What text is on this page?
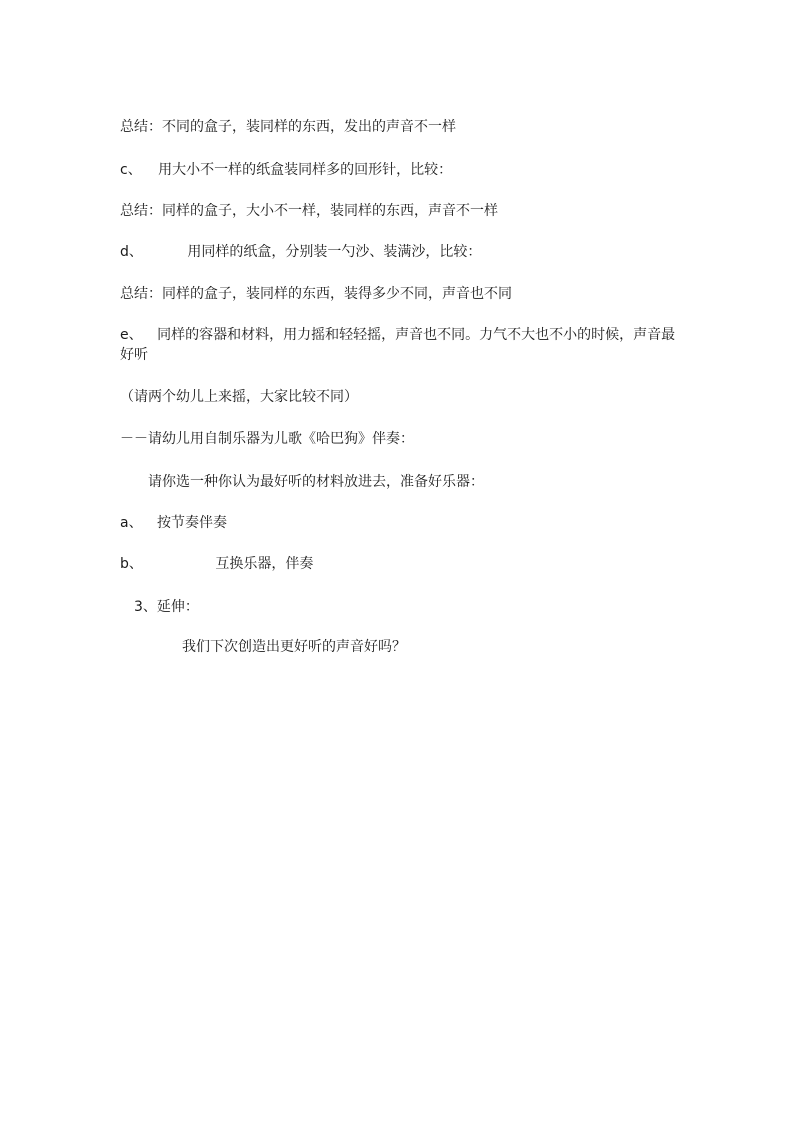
总结：不同的盒子，装同样的东西，发出的声音不一样
c、 用大小不一样的纸盒装同样多的回形针，比较：
总结：同样的盒子，大小不一样，装同样的东西，声音不一样
d、	用同样的纸盒，分别装一勺沙、装满沙，比较：
总结：同样的盒子，装同样的东西，装得多少不同，声音也不同
e、 同样的容器和材料，用力摇和轻轻摇，声音也不同。力气不大也不小的时候，声音最好听
（请两个幼儿上来摇，大家比较不同）
－－请幼儿用自制乐器为儿歌《哈巴狗》伴奏：
请你选一种你认为最好听的材料放进去，准备好乐器：
a、 按节奏伴奏
b、	互换乐器，伴奏
3、延伸：
我们下次创造出更好听的声音好吗？
